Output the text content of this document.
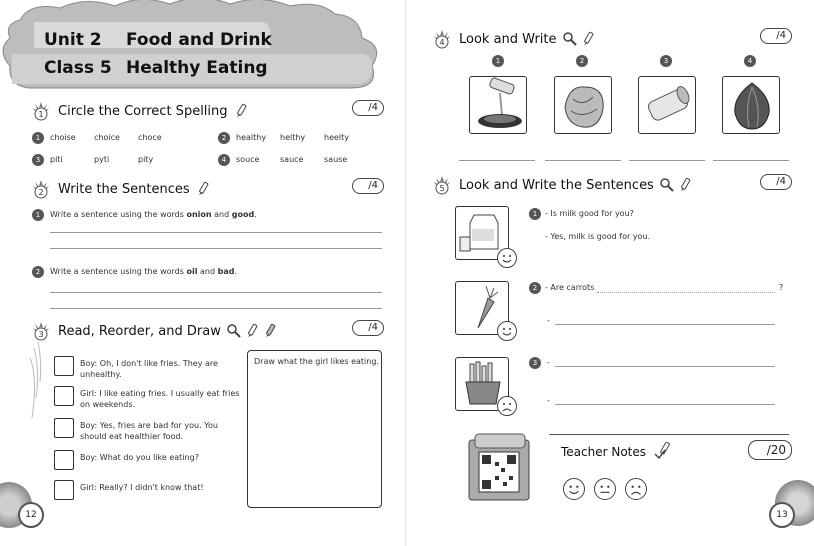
Unit 2 Food and Drink
Class 5 Healthy Eating
1	Circle the Correct Spelling	/4
1	choise choice choce	2	healthy helthy heelty
3	piti	pyti	pity	4	souce	sauce	sause
2	Write the Sentences	/4
1	Write a sentence using the words onion and good.
2	Write a sentence using the words oil and bad.
3	Read, Reorder, and Draw	/4
Boy: Oh, I don't like fries. They are unhealthy.
Girl: I like eating fries. I usually eat fries on weekends.
Boy: Yes, fries are bad for you. You should eat healthier food.
Boy: What do you like eating?
Girl: Really? I didn't know that!
Draw what the girl likes eating.
12
4	Look and Write	/4
1	2	3	4
5	Look and Write the Sentences	/4
1 - Is milk good for you?
- Yes, milk is good for you.
2 - Are carrots	?
-
3	-
-
Teacher Notes	/20
13
